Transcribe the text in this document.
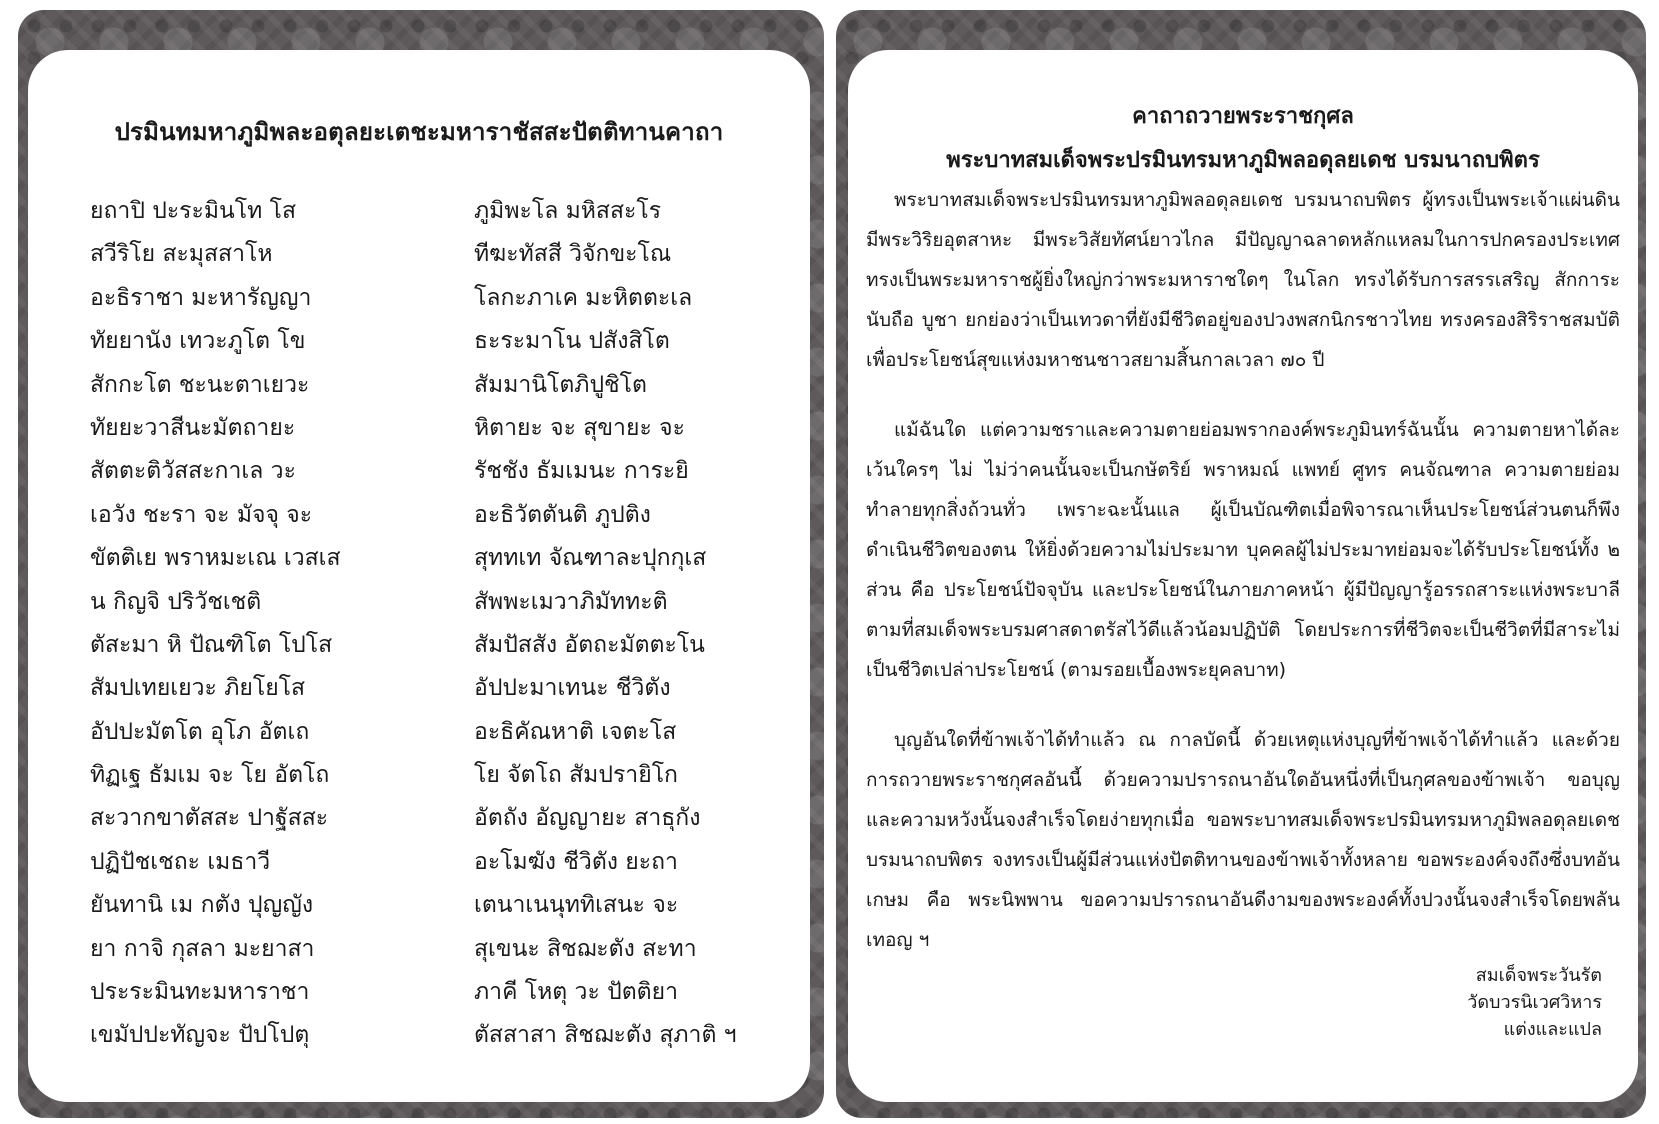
ปรมินทมหาภูมิพละอตุลยะเตชะมหาราชัสสะปัตติทานคาถา
ยถาปิ ปะระมินโท โส
สวีริโย สะมุสสาโห
อะธิราชา มะหารัญญา
ทัยยานัง เทวะภูโต โข
สักกะโต ชะนะตาเยวะ
ทัยยะวาสีนะมัตถายะ
สัตตะติวัสสะกาเล วะ
เอวัง ชะรา จะ มัจจุ จะ
ขัตติเย พราหมะเณ เวสเส
น กิญจิ ปริวัชเชติ
ตัสะมา หิ ปัณฑิโต โปโส
สัมปเทยเยวะ ภิยโยโส
อัปปะมัตโต อุโภ อัตเถ
ทิฏเฐ ธัมเม จะ โย อัตโถ
สะวากขาตัสสะ ปาฐัสสะ
ปฏิปัชเชถะ เมธาวี
ยันทานิ เม กตัง ปุญญัง
ยา กาจิ กุสลา มะยาสา
ประระมินทะมหาราชา
เขมัปปะทัญจะ ปัปโปตุ
ภูมิพะโล มหิสสะโร
ทีฆะทัสสี วิจักขะโณ
โลกะภาเค มะหิตตะเล
ธะระมาโน ปสังสิโต
สัมมานิโตภิปูชิโต
หิตายะ จะ สุขายะ จะ
รัชชัง ธัมเมนะ การะยิ
อะธิวัตตันติ ภูปติง
สุททเท จัณฑาละปุกกุเส
สัพพะเมวาภิมัททะติ
สัมปัสสัง อัตถะมัตตะโน
อัปปะมาเทนะ ชีวิตัง
อะธิคัณหาติ เจตะโส
โย จัตโถ สัมปรายิโก
อัตถัง อัญญายะ สาธุกัง
อะโมฆัง ชีวิตัง ยะถา
เตนาเนนุททิเสนะ จะ
สุเขนะ สิชฌะตัง สะทา
ภาคี โหตุ วะ ปัตติยา
ตัสสาสา สิชฌะตัง สุภาติ ฯ
คาถาถวายพระราชกุศล
พระบาทสมเด็จพระปรมินทรมหาภูมิพลอดุลยเดช บรมนาถบพิตร
พระบาทสมเด็จพระปรมินทรมหาภูมิพลอดุลยเดช บรมนาถบพิตร ผู้ทรงเป็นพระเจ้าแผ่นดิน มีพระวิริยอุตสาหะ มีพระวิสัยทัศน์ยาวไกล มีปัญญาฉลาดหลักแหลมในการปกครองประเทศ ทรงเป็นพระมหาราชผู้ยิ่งใหญ่กว่าพระมหาราชใดๆ ในโลก ทรงได้รับการสรรเสริญ สักการะ นับถือ บูชา ยกย่องว่าเป็นเทวดาที่ยังมีชีวิตอยู่ของปวงพสกนิกรชาวไทย ทรงครองสิริราชสมบัติเพื่อประโยชน์สุขแห่งมหาชนชาวสยามสิ้นกาลเวลา ๗๐ ปี
แม้ฉันใด แต่ความชราและความตายย่อมพรากองค์พระภูมินทร์ฉันนั้น ความตายหาได้ละเว้นใครๆ ไม่ ไม่ว่าคนนั้นจะเป็นกษัตริย์ พราหมณ์ แพทย์ ศูทร คนจัณฑาล ความตายย่อมทำลายทุกสิ่งถ้วนทั่ว เพราะฉะนั้นแล ผู้เป็นบัณฑิตเมื่อพิจารณาเห็นประโยชน์ส่วนตนก็พึงดำเนินชีวิตของตน ให้ยิ่งด้วยความไม่ประมาท บุคคลผู้ไม่ประมาทย่อมจะได้รับประโยชน์ทั้ง ๒ ส่วน คือ ประโยชน์ปัจจุบัน และประโยชน์ในภายภาคหน้า ผู้มีปัญญารู้อรรถสาระแห่งพระบาลีตามที่สมเด็จพระบรมศาสดาตรัสไว้ดีแล้วน้อมปฏิบัติ โดยประการที่ชีวิตจะเป็นชีวิตที่มีสาระไม่เป็นชีวิตเปล่าประโยชน์ (ตามรอยเบื้องพระยุคลบาท)
บุญอันใดที่ข้าพเจ้าได้ทำแล้ว ณ กาลบัดนี้ ด้วยเหตุแห่งบุญที่ข้าพเจ้าได้ทำแล้ว และด้วยการถวายพระราชกุศลอันนี้ ด้วยความปรารถนาอันใดอันหนึ่งที่เป็นกุศลของข้าพเจ้า ขอบุญและความหวังนั้นจงสำเร็จโดยง่ายทุกเมื่อ ขอพระบาทสมเด็จพระปรมินทรมหาภูมิพลอดุลยเดช บรมนาถบพิตร จงทรงเป็นผู้มีส่วนแห่งปัตติทานของข้าพเจ้าทั้งหลาย ขอพระองค์จงถึงซึ่งบทอันเกษม คือ พระนิพพาน ขอความปรารถนาอันดีงามของพระองค์ทั้งปวงนั้นจงสำเร็จโดยพลัน เทอญ ฯ
สมเด็จพระวันรัต
วัดบวรนิเวศวิหาร
แต่งและแปล
